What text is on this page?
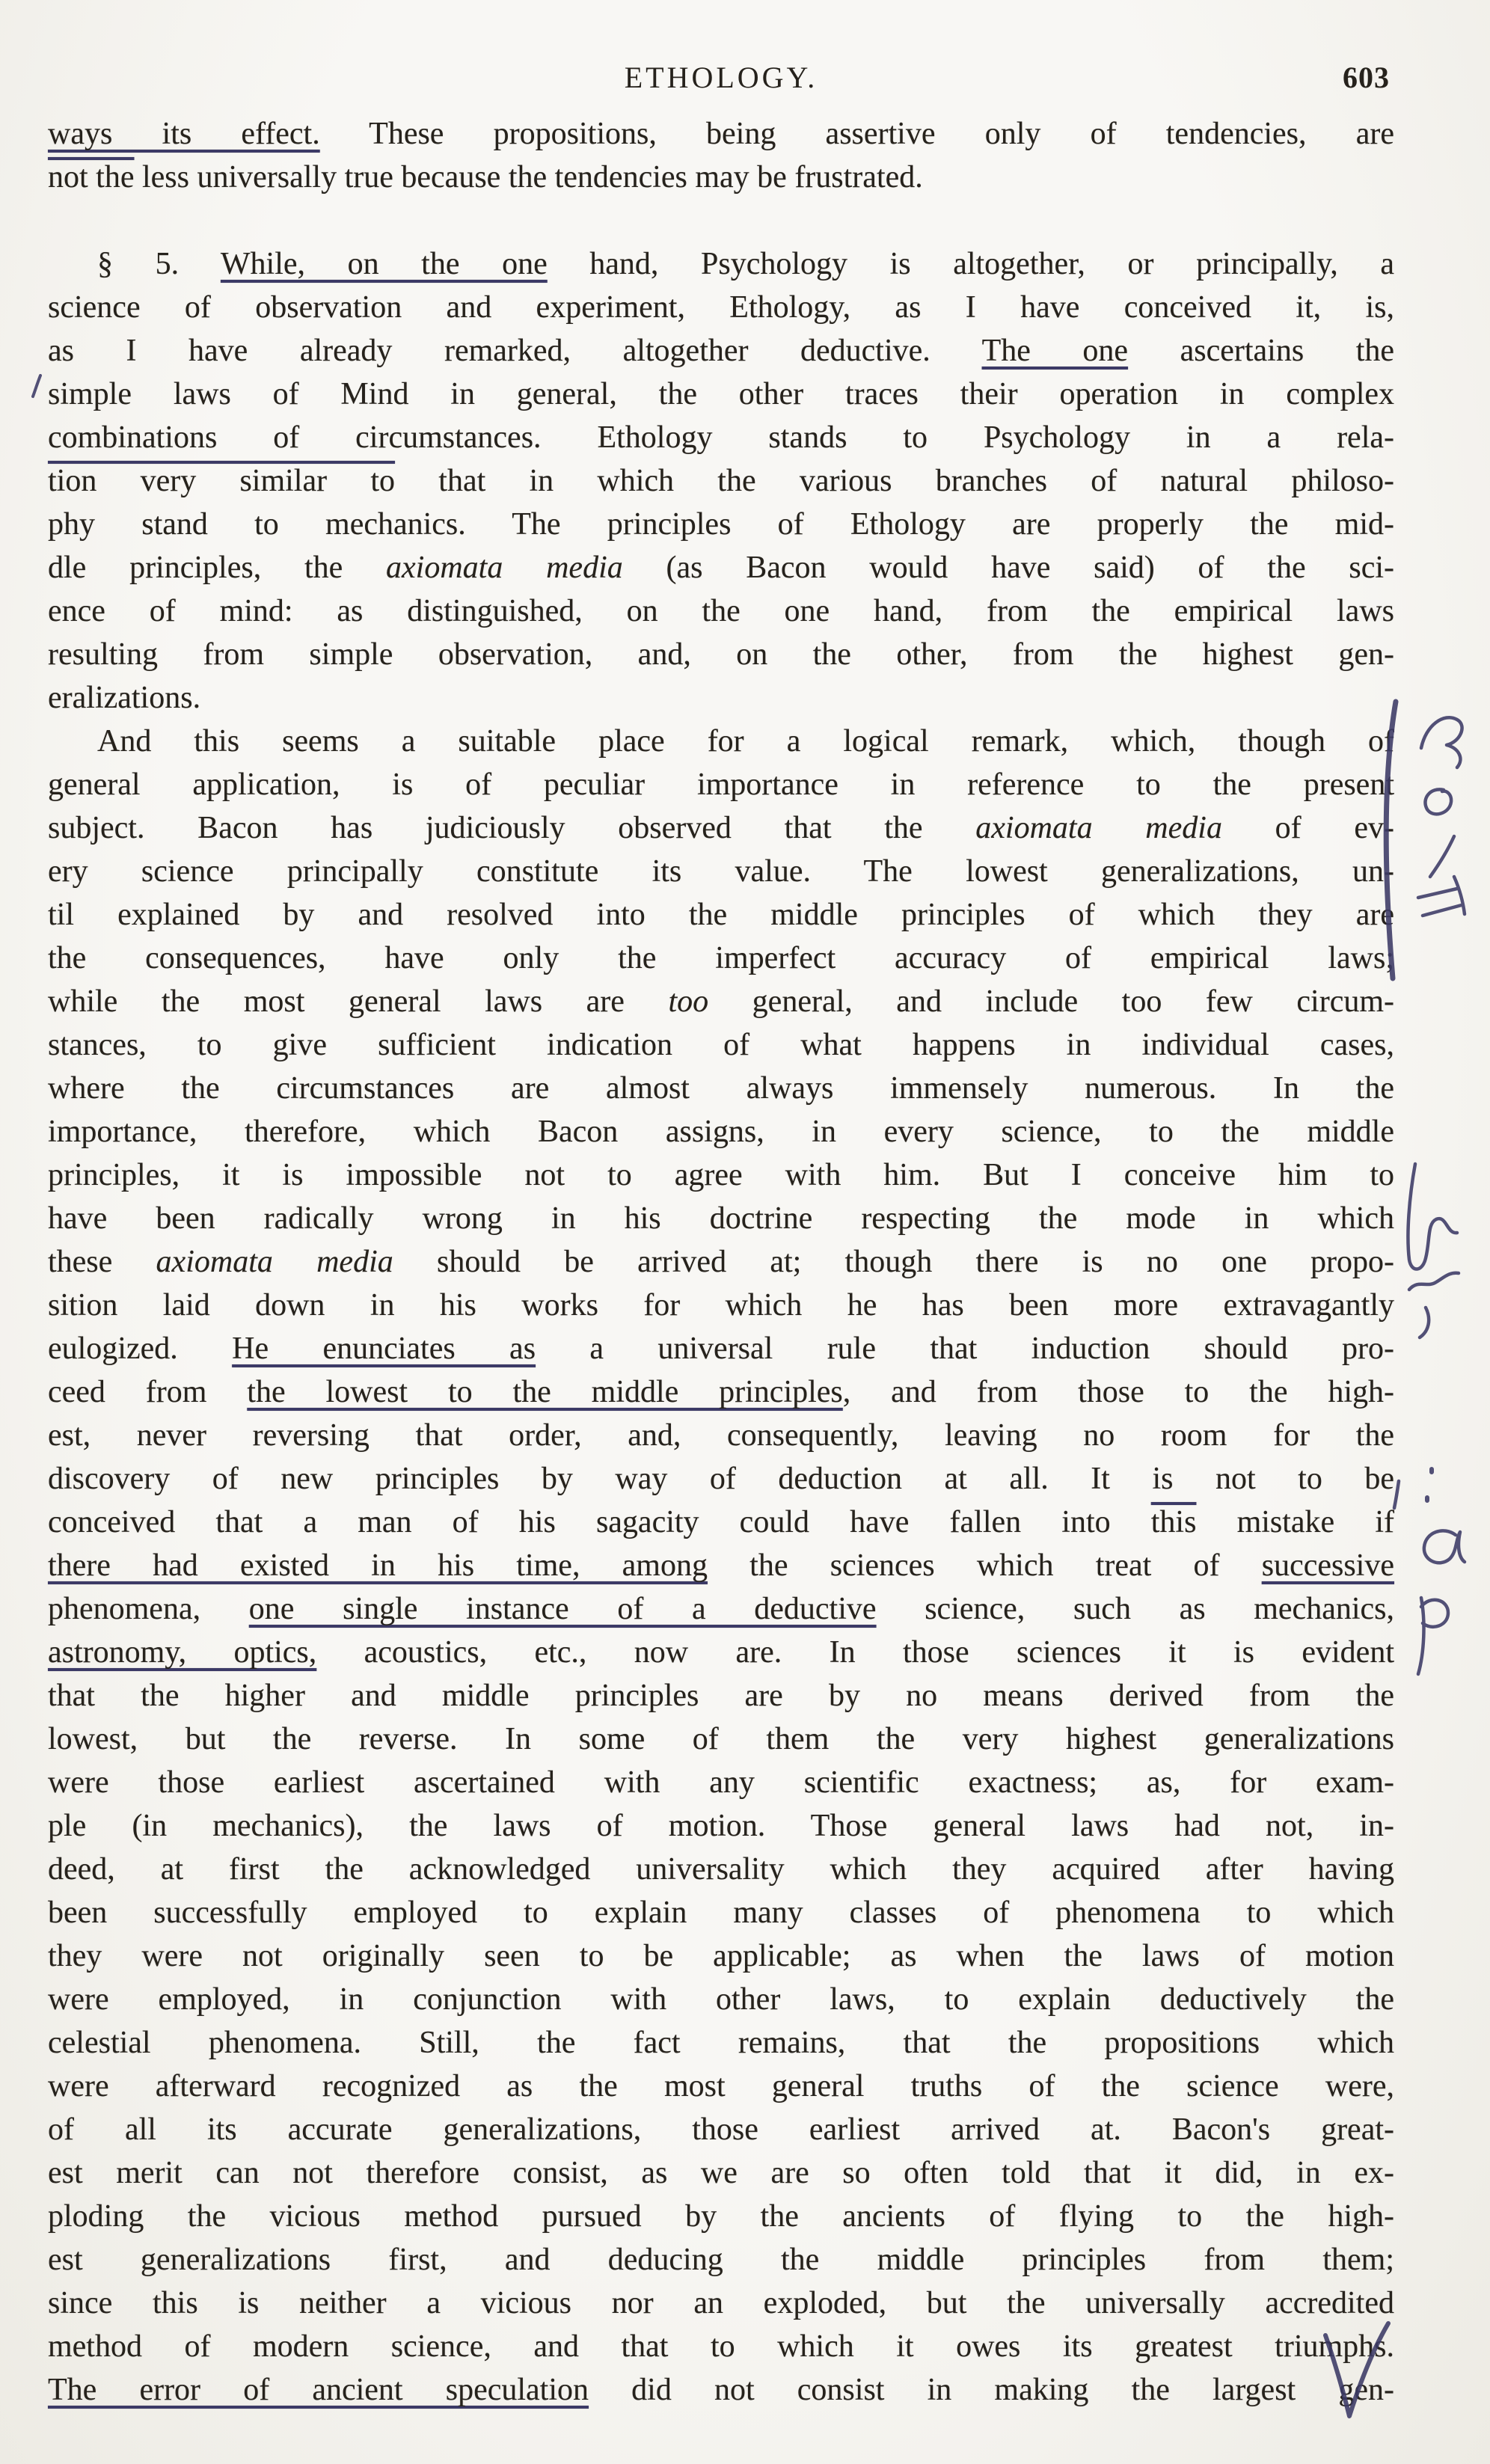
ETHOLOGY.	603
ways its effect. These propositions, being assertive only of tendencies, are
not the less universally true because the tendencies may be frustrated.
§ 5. While, on the one hand, Psychology is altogether, or principally, a
science of observation and experiment, Ethology, as I have conceived it, is,
as I have already remarked, altogether deductive. The one ascertains the
simple laws of Mind in general, the other traces their operation in complex
combinations of circumstances. Ethology stands to Psychology in a rela-
tion very similar to that in which the various branches of natural philoso-
phy stand to mechanics. The principles of Ethology are properly the mid-
dle principles, the axiomata media (as Bacon would have said) of the sci-
ence of mind: as distinguished, on the one hand, from the empirical laws
resulting from simple observation, and, on the other, from the highest gen-
eralizations.
And this seems a suitable place for a logical remark, which, though of
general application, is of peculiar importance in reference to the present
subject. Bacon has judiciously observed that the axiomata media of ev-
ery science principally constitute its value. The lowest generalizations, un-
til explained by and resolved into the middle principles of which they are
the consequences, have only the imperfect accuracy of empirical laws;
while the most general laws are too general, and include too few circum-
stances, to give sufficient indication of what happens in individual cases,
where the circumstances are almost always immensely numerous. In the
importance, therefore, which Bacon assigns, in every science, to the middle
principles, it is impossible not to agree with him. But I conceive him to
have been radically wrong in his doctrine respecting the mode in which
these axiomata media should be arrived at; though there is no one propo-
sition laid down in his works for which he has been more extravagantly
eulogized. He enunciates as a universal rule that induction should pro-
ceed from the lowest to the middle principles, and from those to the high-
est, never reversing that order, and, consequently, leaving no room for the
discovery of new principles by way of deduction at all. It is not to be
conceived that a man of his sagacity could have fallen into this mistake if
there had existed in his time, among the sciences which treat of successive
phenomena, one single instance of a deductive science, such as mechanics,
astronomy, optics, acoustics, etc., now are. In those sciences it is evident
that the higher and middle principles are by no means derived from the
lowest, but the reverse. In some of them the very highest generalizations
were those earliest ascertained with any scientific exactness; as, for exam-
ple (in mechanics), the laws of motion. Those general laws had not, in-
deed, at first the acknowledged universality which they acquired after having
been successfully employed to explain many classes of phenomena to which
they were not originally seen to be applicable; as when the laws of motion
were employed, in conjunction with other laws, to explain deductively the
celestial phenomena. Still, the fact remains, that the propositions which
were afterward recognized as the most general truths of the science were,
of all its accurate generalizations, those earliest arrived at. Bacon's great-
est merit can not therefore consist, as we are so often told that it did, in ex-
ploding the vicious method pursued by the ancients of flying to the high-
est generalizations first, and deducing the middle principles from them;
since this is neither a vicious nor an exploded, but the universally accredited
method of modern science, and that to which it owes its greatest triumphs.
The error of ancient speculation did not consist in making the largest gen-
